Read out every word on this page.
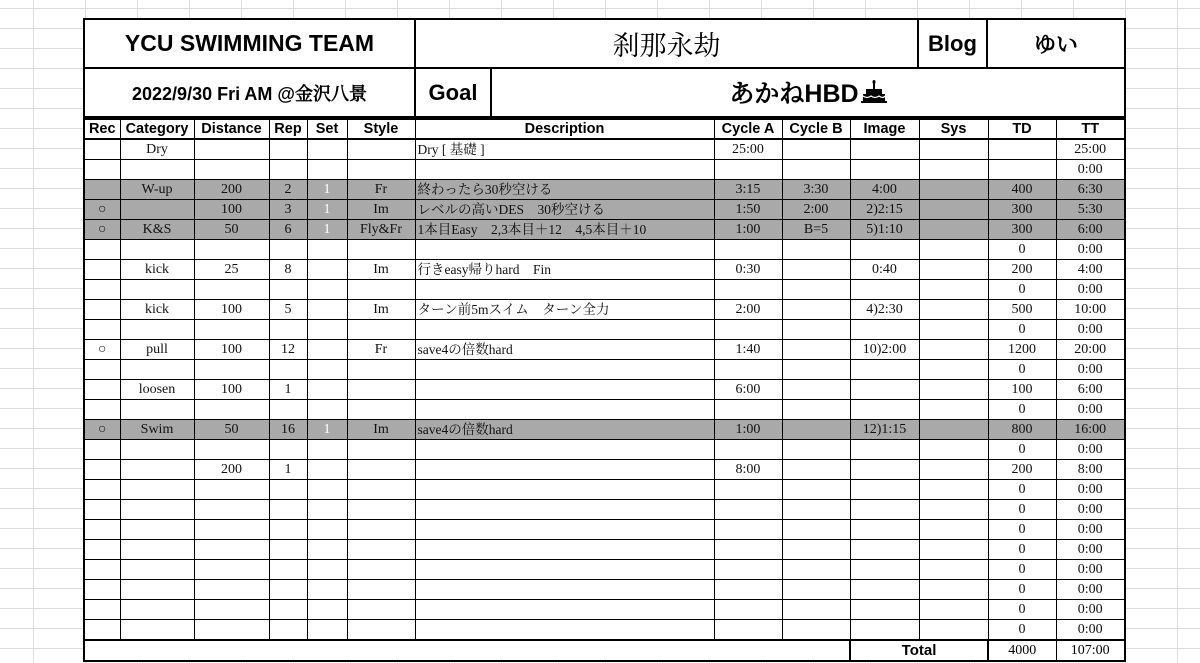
YCU SWIMMING TEAM	刹那永劫		Blog	ゆい
2022/9/30 Fri AM @金沢八景	Goal	あかねHBD		
Rec	Category	Distance	Rep	Set	Style	Description	Cycle A	Cycle B	Image	Sys	TD	TT
	Dry					Dry [ 基礎 ]	25:00					25:00
												0:00
	W-up	200	2	1	Fr	終わったら30秒空ける	3:15	3:30	4:00		400	6:30
○		100	3	1	Im	レベルの高いDES　30秒空ける	1:50	2:00	2)2:15		300	5:30
○	K&S	50	6	1	Fly&Fr	1本目Easy　2,3本目＋12　4,5本目＋10	1:00	B=5	5)1:10		300	6:00
											0	0:00
	kick	25	8		Im	行きeasy帰りhard　Fin	0:30		0:40		200	4:00
											0	0:00
	kick	100	5		Im	ターン前5mスイム　ターン全力	2:00		4)2:30		500	10:00
											0	0:00
○	pull	100	12		Fr	save4の倍数hard	1:40		10)2:00		1200	20:00
											0	0:00
	loosen	100	1				6:00				100	6:00
											0	0:00
○	Swim	50	16	1	Im	save4の倍数hard	1:00		12)1:15		800	16:00
											0	0:00
		200	1				8:00				200	8:00
											0	0:00
											0	0:00
											0	0:00
											0	0:00
											0	0:00
											0	0:00
											0	0:00
											0	0:00
									Total		4000	107:00
